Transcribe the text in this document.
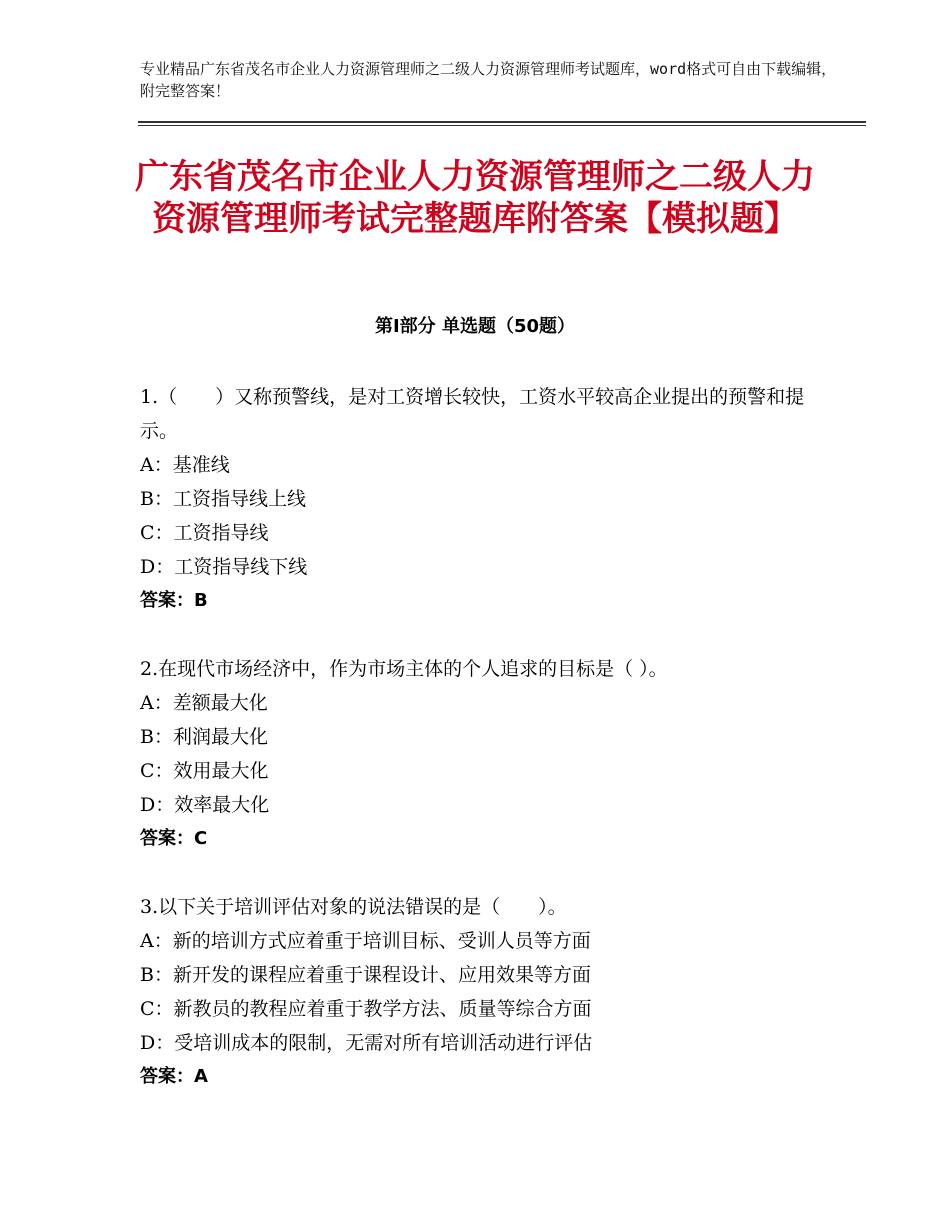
专业精品广东省茂名市企业人力资源管理师之二级人力资源管理师考试题库，word格式可自由下载编辑，附完整答案！
广东省茂名市企业人力资源管理师之二级人力资源管理师考试完整题库附答案【模拟题】
第Ⅰ部分 单选题（50题）
1.（　　）又称预警线，是对工资增长较快，工资水平较高企业提出的预警和提示。
A：基准线
B：工资指导线上线
C：工资指导线
D：工资指导线下线
答案：B
2.在现代市场经济中，作为市场主体的个人追求的目标是（ ）。
A：差额最大化
B：利润最大化
C：效用最大化
D：效率最大化
答案：C
3.以下关于培训评估对象的说法错误的是（　　）。
A：新的培训方式应着重于培训目标、受训人员等方面
B：新开发的课程应着重于课程设计、应用效果等方面
C：新教员的教程应着重于教学方法、质量等综合方面
D：受培训成本的限制，无需对所有培训活动进行评估
答案：A
